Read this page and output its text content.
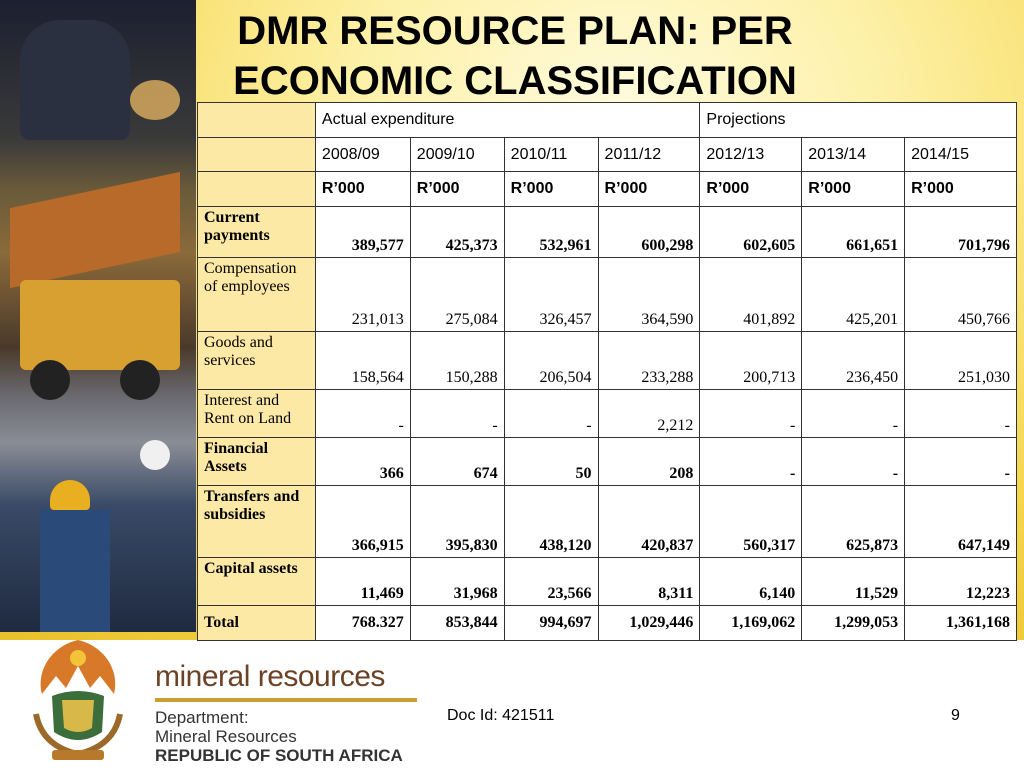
DMR RESOURCE PLAN: PER ECONOMIC CLASSIFICATION
	Actual expenditure				Projections		
	2008/09	2009/10	2010/11	2011/12	2012/13	2013/14	2014/15
	R’000	R’000	R’000	R’000	R’000	R’000	R’000
Current payments	389,577	425,373	532,961	600,298	602,605	661,651	701,796
Compensation of employees	231,013	275,084	326,457	364,590	401,892	425,201	450,766
Goods and services	158,564	150,288	206,504	233,288	200,713	236,450	251,030
Interest and Rent on Land	-	-	-	2,212	-	-	-
Financial Assets	366	674	50	208	-	-	-
Transfers and subsidies	366,915	395,830	438,120	420,837	560,317	625,873	647,149
Capital assets	11,469	31,968	23,566	8,311	6,140	11,529	12,223
Total	768.327	853,844	994,697	1,029,446	1,169,062	1,299,053	1,361,168
mineral resources
Department:
Mineral Resources
REPUBLIC OF SOUTH AFRICA
Doc Id: 421511	9
